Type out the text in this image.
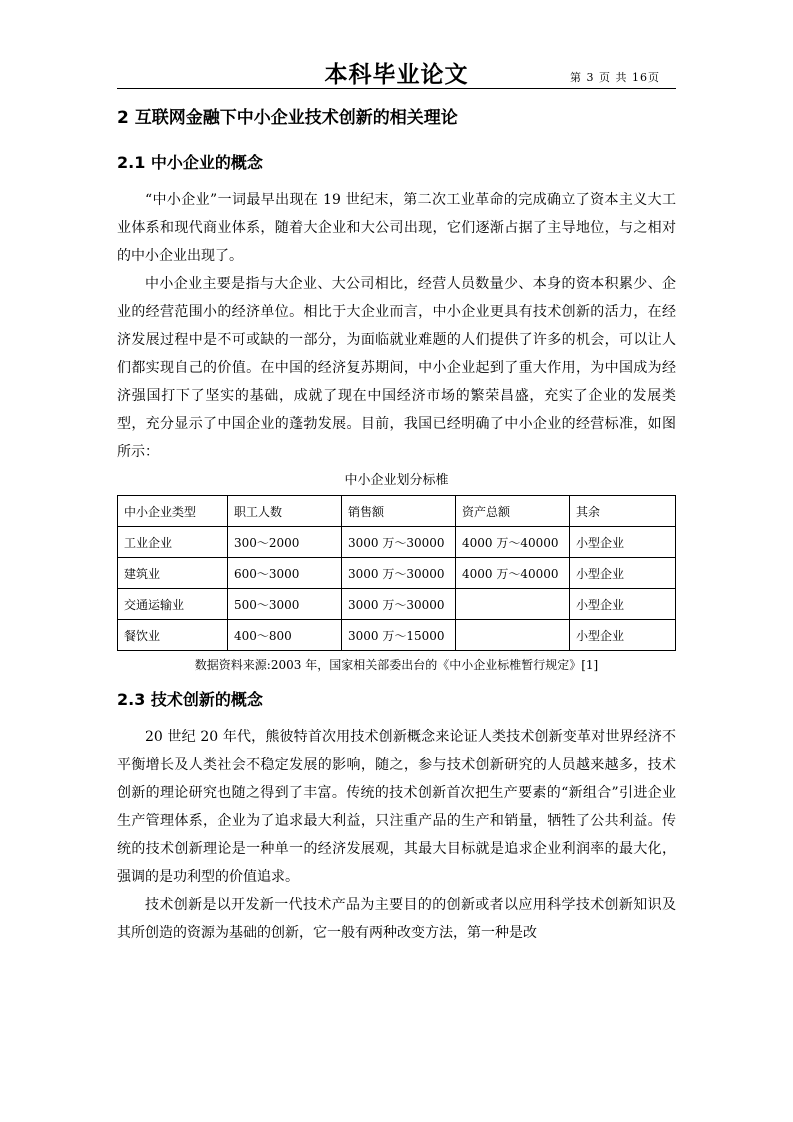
本科毕业论文	第 3 页 共 16页
2 互联网金融下中小企业技术创新的相关理论
2.1 中小企业的概念

“中小企业”一词最早出现在 19 世纪末，第二次工业革命的完成确立了资本主义大工业体系和现代商业体系，随着大企业和大公司出现，它们逐渐占据了主导地位，与之相对的中小企业出现了。

中小企业主要是指与大企业、大公司相比，经营人员数量少、本身的资本积累少、企业的经营范围小的经济单位。相比于大企业而言，中小企业更具有技术创新的活力，在经济发展过程中是不可或缺的一部分，为面临就业难题的人们提供了许多的机会，可以让人们都实现自己的价值。在中国的经济复苏期间，中小企业起到了重大作用，为中国成为经济强国打下了坚实的基础，成就了现在中国经济市场的繁荣昌盛，充实了企业的发展类型，充分显示了中国企业的蓬勃发展。目前，我国已经明确了中小企业的经营标准，如图所示：

中小企业划分标椎
中小企业类型	职工人数	销售额	资产总额	其余
工业企业	300～2000	3000 万～30000	4000 万～40000	小型企业
建筑业	600～3000	3000 万～30000	4000 万～40000	小型企业
交通运输业	500～3000	3000 万～30000		小型企业
餐饮业	400～800	3000 万～15000		小型企业
数据资料来源:2003 年，国家相关部委出台的《中小企业标椎暂行规定》[1]
2.3 技术创新的概念

20 世纪 20 年代，熊彼特首次用技术创新概念来论证人类技术创新变革对世界经济不平衡增长及人类社会不稳定发展的影响，随之，参与技术创新研究的人员越来越多，技术创新的理论研究也随之得到了丰富。传统的技术创新首次把生产要素的“新组合”引进企业生产管理体系，企业为了追求最大利益，只注重产品的生产和销量，牺牲了公共利益。传统的技术创新理论是一种单一的经济发展观，其最大目标就是追求企业利润率的最大化，强调的是功利型的价值追求。

技术创新是以开发新一代技术产品为主要目的的创新或者以应用科学技术创新知识及其所创造的资源为基础的创新，它一般有两种改变方法，第一种是改
